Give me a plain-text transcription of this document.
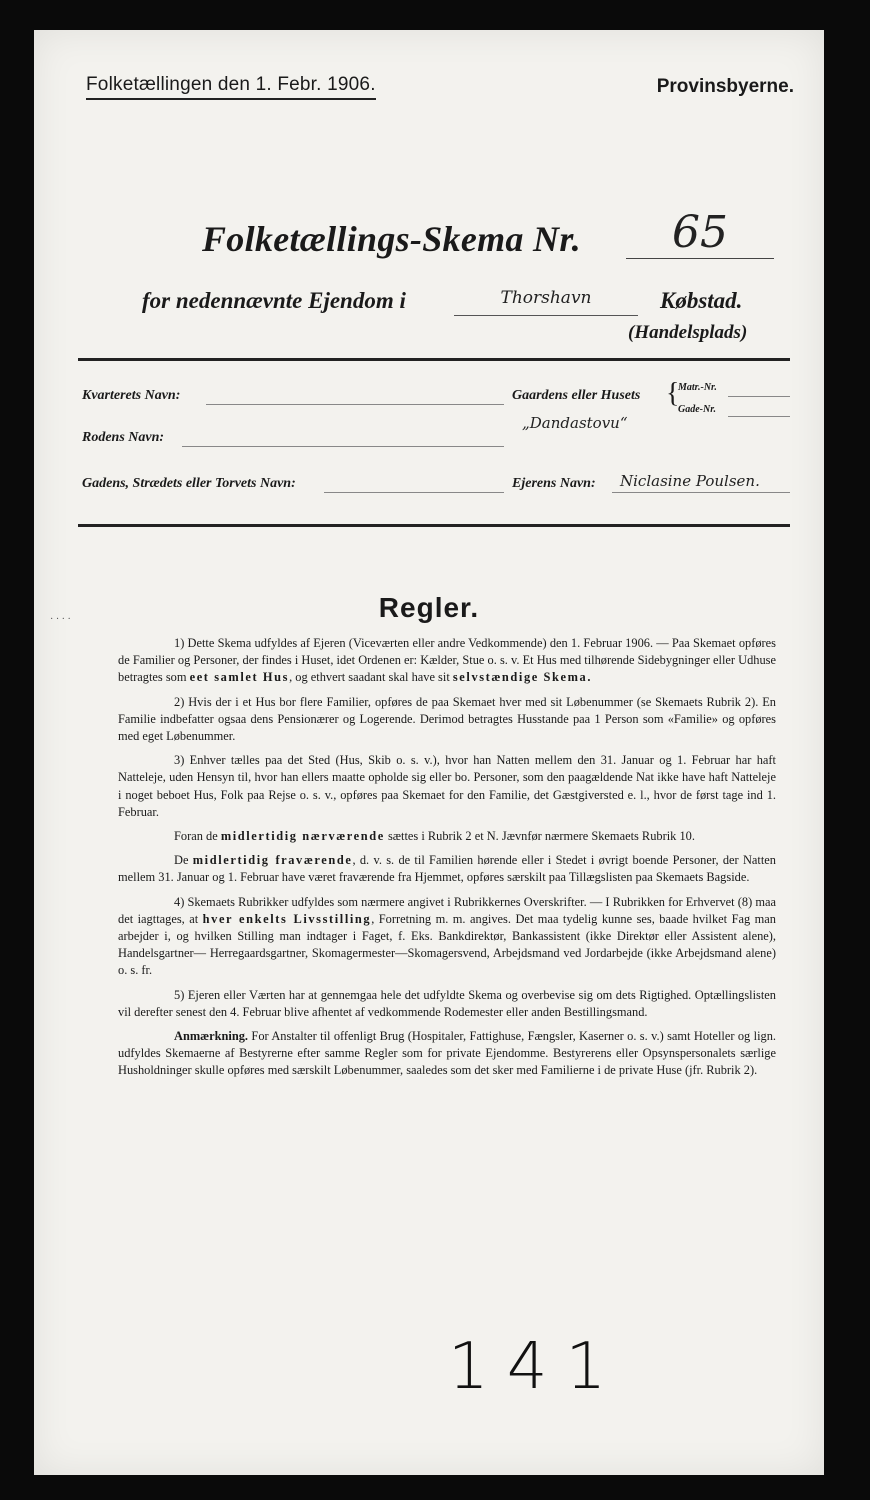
Folketællingen den 1. Febr. 1906.	Provinsbyerne.
Folketællings-Skema Nr.	65
for nedennævnte Ejendom i	Thorshavn	Købstad.
(Handelsplads)
Kvarterets Navn:	Gaardens eller Husets {
Matr.-Nr.
Gade-Nr.
„Dandastovu“
Rodens Navn:
Gadens, Strædets eller Torvets Navn:	Ejerens Navn: Niclasine Poulsen.
Regler.
· · · ·

1) Dette Skema udfyldes af Ejeren (Viceværten eller andre Vedkommende) den 1. Februar 1906. — Paa Skemaet opføres de Familier og Personer, der findes i Huset, idet Ordenen er: Kælder, Stue o. s. v. Et Hus med tilhørende Sidebygninger eller Udhuse betragtes som eet samlet Hus, og ethvert saadant skal have sit selvstændige Skema.

2) Hvis der i et Hus bor flere Familier, opføres de paa Skemaet hver med sit Løbenummer (se Skemaets Rubrik 2). En Familie indbefatter ogsaa dens Pensionærer og Logerende. Derimod betragtes Husstande paa 1 Person som «Familie» og opføres med eget Løbenummer.

3) Enhver tælles paa det Sted (Hus, Skib o. s. v.), hvor han Natten mellem den 31. Januar og 1. Februar har haft Natteleje, uden Hensyn til, hvor han ellers maatte opholde sig eller bo. Personer, som den paagældende Nat ikke have haft Natteleje i noget beboet Hus, Folk paa Rejse o. s. v., opføres paa Skemaet for den Familie, det Gæstgiversted e. l., hvor de først tage ind 1. Februar.

Foran de midlertidig nærværende sættes i Rubrik 2 et N. Jævnfør nærmere Skemaets Rubrik 10.

De midlertidig fraværende, d. v. s. de til Familien hørende eller i Stedet i øvrigt boende Personer, der Natten mellem 31. Januar og 1. Februar have været fraværende fra Hjemmet, opføres særskilt paa Tillægslisten paa Skemaets Bagside.

4) Skemaets Rubrikker udfyldes som nærmere angivet i Rubrikkernes Overskrifter. — I Rubrikken for Erhvervet (8) maa det iagttages, at hver enkelts Livsstilling, Forretning m. m. angives. Det maa tydelig kunne ses, baade hvilket Fag man arbejder i, og hvilken Stilling man indtager i Faget, f. Eks. Bankdirektør, Bankassistent (ikke Direktør eller Assistent alene), Handelsgartner— Herregaardsgartner, Skomagermester—Skomagersvend, Arbejdsmand ved Jordarbejde (ikke Arbejdsmand alene) o. s. fr.

5) Ejeren eller Værten har at gennemgaa hele det udfyldte Skema og overbevise sig om dets Rigtighed. Optællingslisten vil derefter senest den 4. Februar blive afhentet af vedkommende Rodemester eller anden Bestillingsmand.

Anmærkning. For Anstalter til offenligt Brug (Hospitaler, Fattighuse, Fængsler, Kaserner o. s. v.) samt Hoteller og lign. udfyldes Skemaerne af Bestyrerne efter samme Regler som for private Ejendomme. Bestyrerens eller Opsynspersonalets særlige Husholdninger skulle opføres med særskilt Løbenummer, saaledes som det sker med Familierne i de private Huse (jfr. Rubrik 2).

141
